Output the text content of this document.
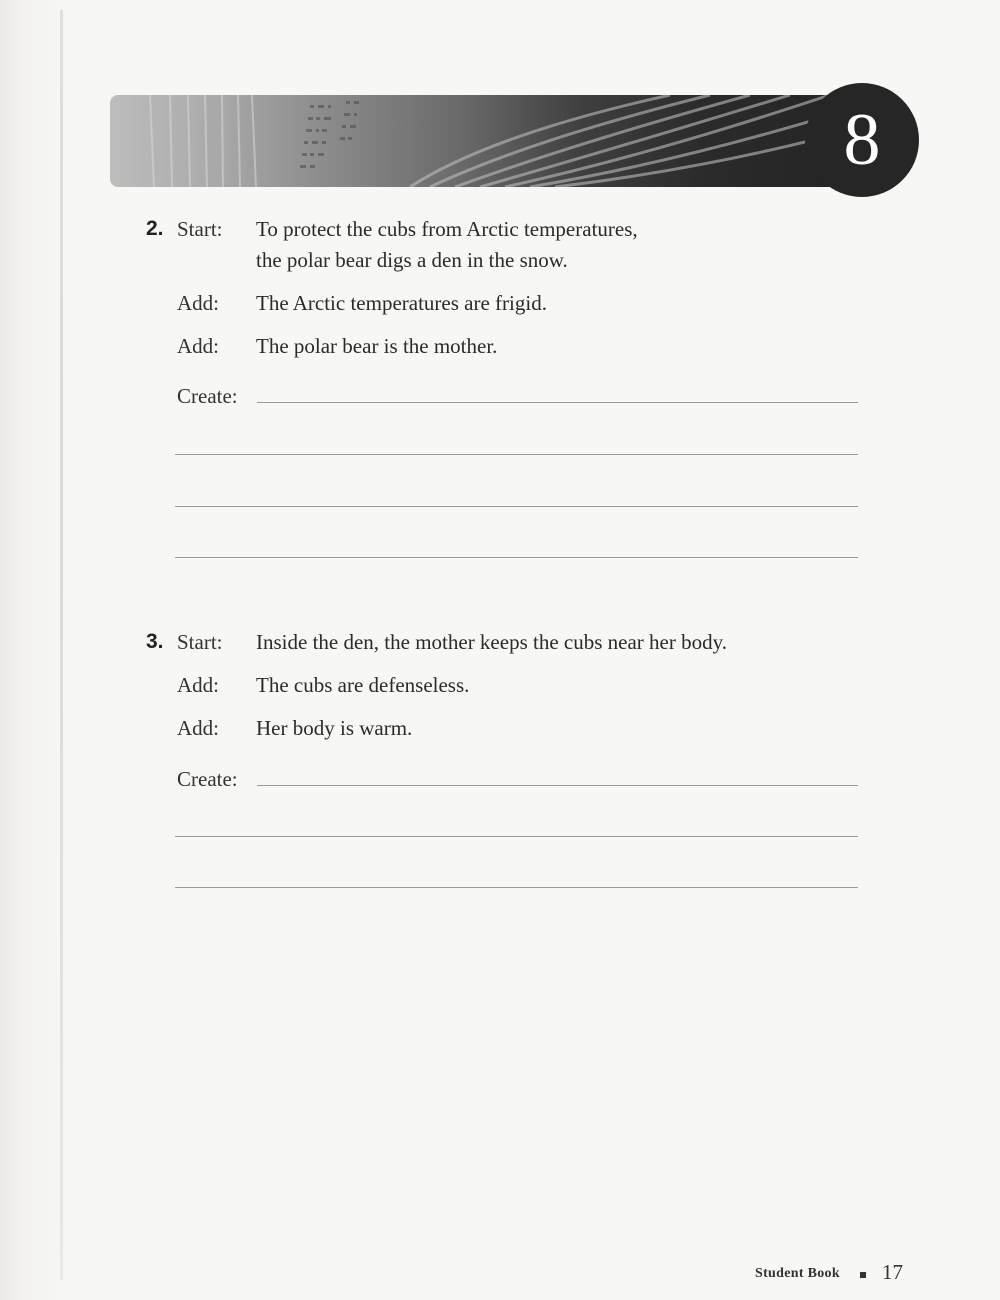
8
2. Start: To protect the cubs from Arctic temperatures,
the polar bear digs a den in the snow.
Add: The Arctic temperatures are frigid.
Add: The polar bear is the mother.
Create:
3. Start: Inside the den, the mother keeps the cubs near her body.
Add: The cubs are defenseless.
Add: Her body is warm.
Create:
Student Book 17
